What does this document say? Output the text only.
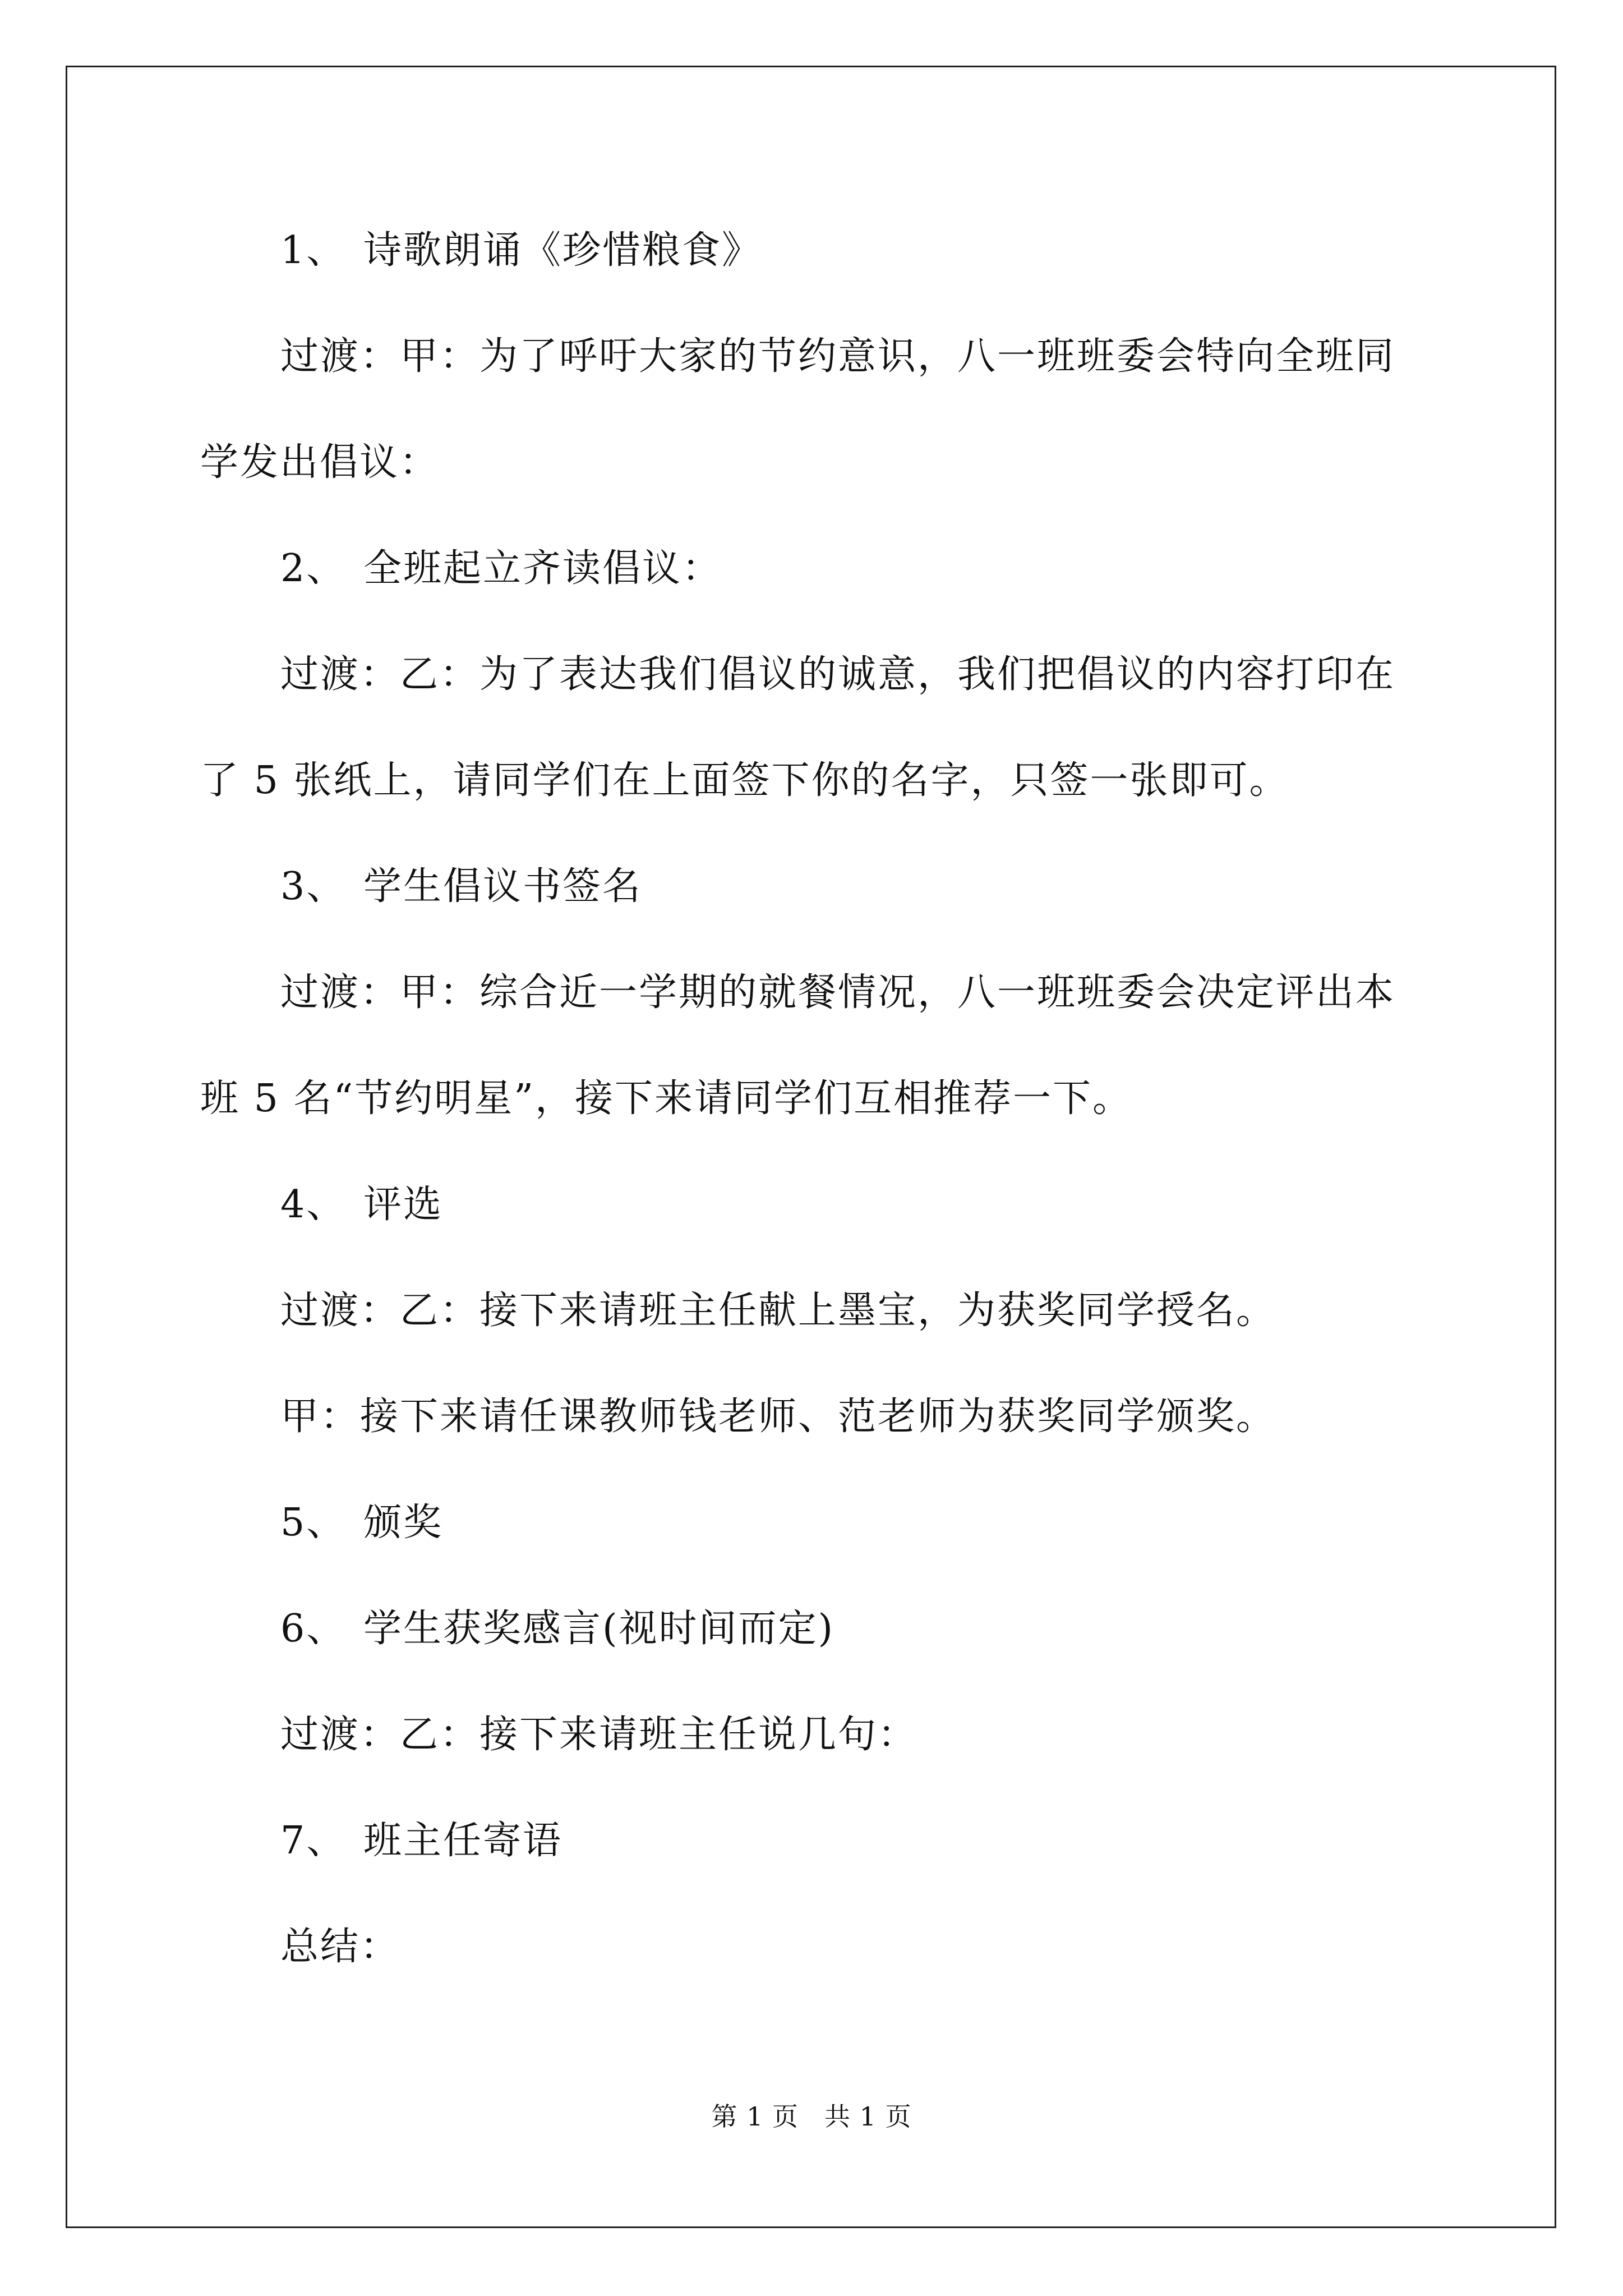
1、 诗歌朗诵《珍惜粮食》
过渡：甲：为了呼吁大家的节约意识，八一班班委会特向全班同
学发出倡议：
2、 全班起立齐读倡议：
过渡：乙：为了表达我们倡议的诚意，我们把倡议的内容打印在
了 5 张纸上，请同学们在上面签下你的名字，只签一张即可。
3、 学生倡议书签名
过渡：甲：综合近一学期的就餐情况，八一班班委会决定评出本
班 5 名“节约明星”，接下来请同学们互相推荐一下。
4、 评选
过渡：乙：接下来请班主任献上墨宝，为获奖同学授名。
甲：接下来请任课教师钱老师、范老师为获奖同学颁奖。
5、 颁奖
6、 学生获奖感言(视时间而定)
过渡：乙：接下来请班主任说几句：
7、 班主任寄语
总结：
第 1 页 共 1 页
